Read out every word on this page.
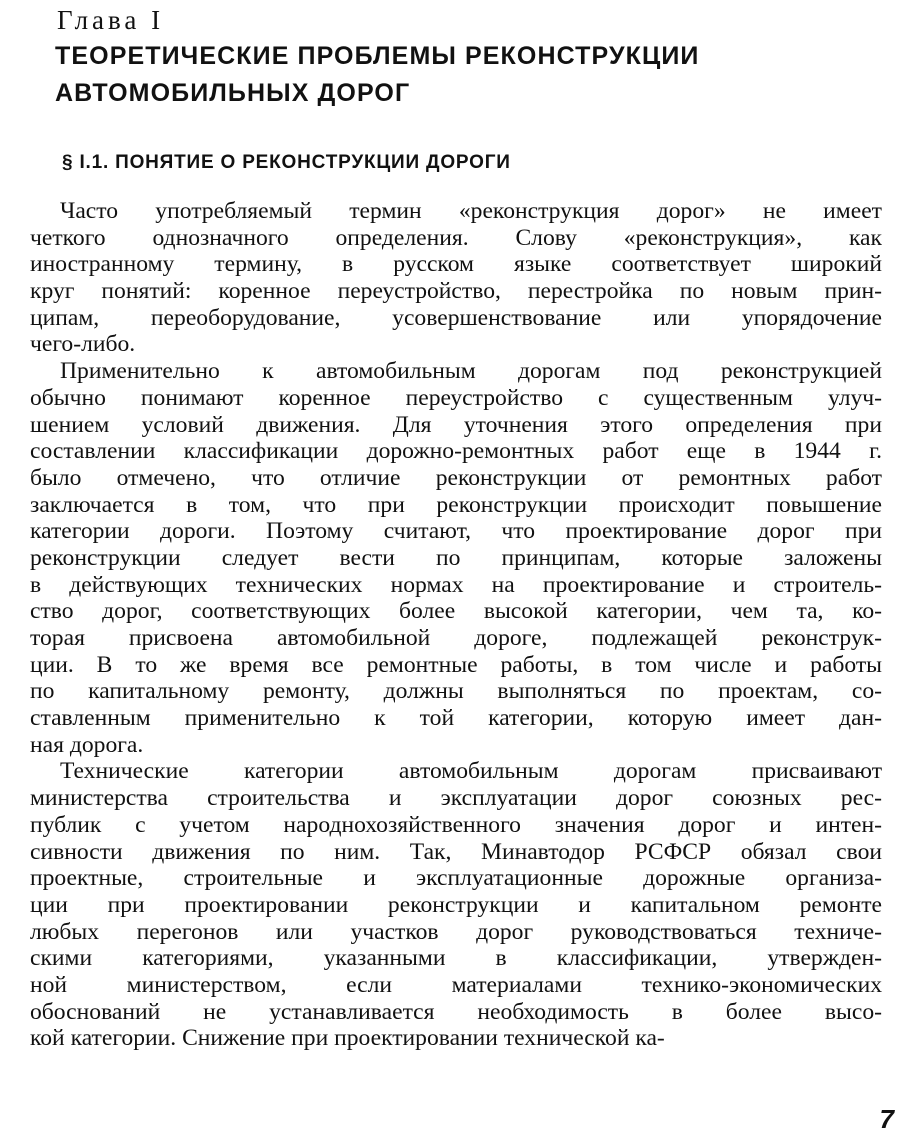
Глава I
ТЕОРЕТИЧЕСКИЕ ПРОБЛЕМЫ РЕКОНСТРУКЦИИ
АВТОМОБИЛЬНЫХ ДОРОГ
§ I.1. ПОНЯТИЕ О РЕКОНСТРУКЦИИ ДОРОГИ
Часто употребляемый термин «реконструкция дорог» не имеет
четкого однозначного определения. Слову «реконструкция», как
иностранному термину, в русском языке соответствует широкий
круг понятий: коренное переустройство, перестройка по новым прин-
ципам, переоборудование, усовершенствование или упорядочение
чего-либо.
Применительно к автомобильным дорогам под реконструкцией
обычно понимают коренное переустройство с существенным улуч-
шением условий движения. Для уточнения этого определения при
составлении классификации дорожно-ремонтных работ еще в 1944 г.
было отмечено, что отличие реконструкции от ремонтных работ
заключается в том, что при реконструкции происходит повышение
категории дороги. Поэтому считают, что проектирование дорог при
реконструкции следует вести по принципам, которые заложены
в действующих технических нормах на проектирование и строитель-
ство дорог, соответствующих более высокой категории, чем та, ко-
торая присвоена автомобильной дороге, подлежащей реконструк-
ции. В то же время все ремонтные работы, в том числе и работы
по капитальному ремонту, должны выполняться по проектам, со-
ставленным применительно к той категории, которую имеет дан-
ная дорога.
Технические категории автомобильным дорогам присваивают
министерства строительства и эксплуатации дорог союзных рес-
публик с учетом народнохозяйственного значения дорог и интен-
сивности движения по ним. Так, Минавтодор РСФСР обязал свои
проектные, строительные и эксплуатационные дорожные организа-
ции при проектировании реконструкции и капитальном ремонте
любых перегонов или участков дорог руководствоваться техниче-
скими категориями, указанными в классификации, утвержден-
ной министерством, если материалами технико-экономических
обоснований не устанавливается необходимость в более высо-
кой категории. Снижение при проектировании технической ка-
7
